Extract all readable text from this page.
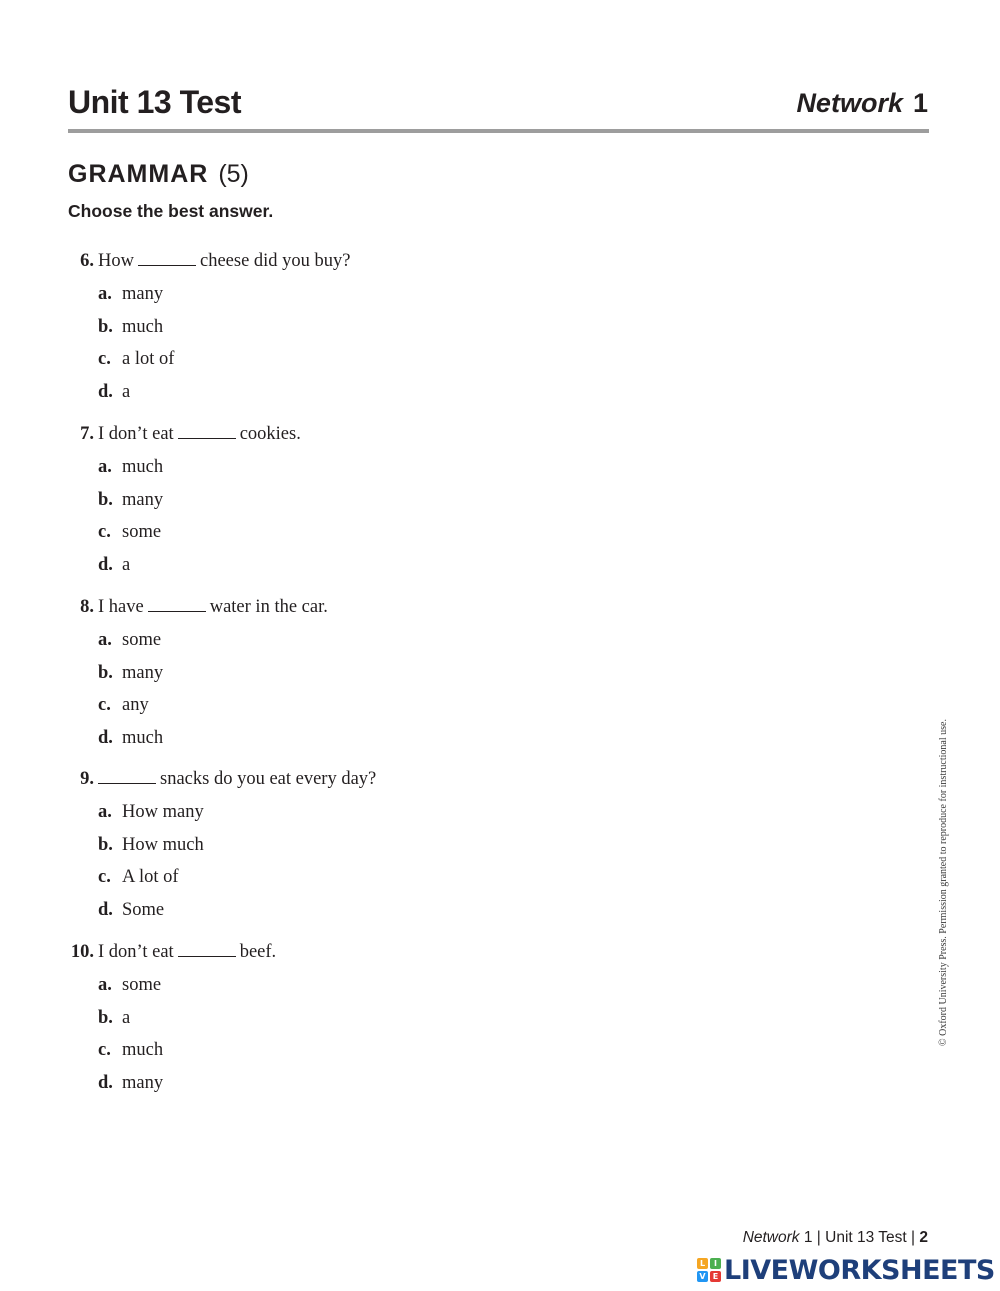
Unit 13 Test	Network 1
GRAMMAR (5)
Choose the best answer.
6. How	cheese did you buy?
a. many
b. much
c. a lot of
d. a
7. I don’t eat	cookies.
a. much
b. many
c. some
d. a
8. I have	water in the car.
a. some
b. many
c. any
d. much
9.	snacks do you eat every day?
a. How many
b. How much
c. A lot of
d. Some
10. I don’t eat	beef.
a. some
b. a
c. much
d. many
© Oxford University Press. Permission granted to reproduce for instructional use.
Network 1 | Unit 13 Test | 2
L	I
V E LIVEWORKSHEETS
